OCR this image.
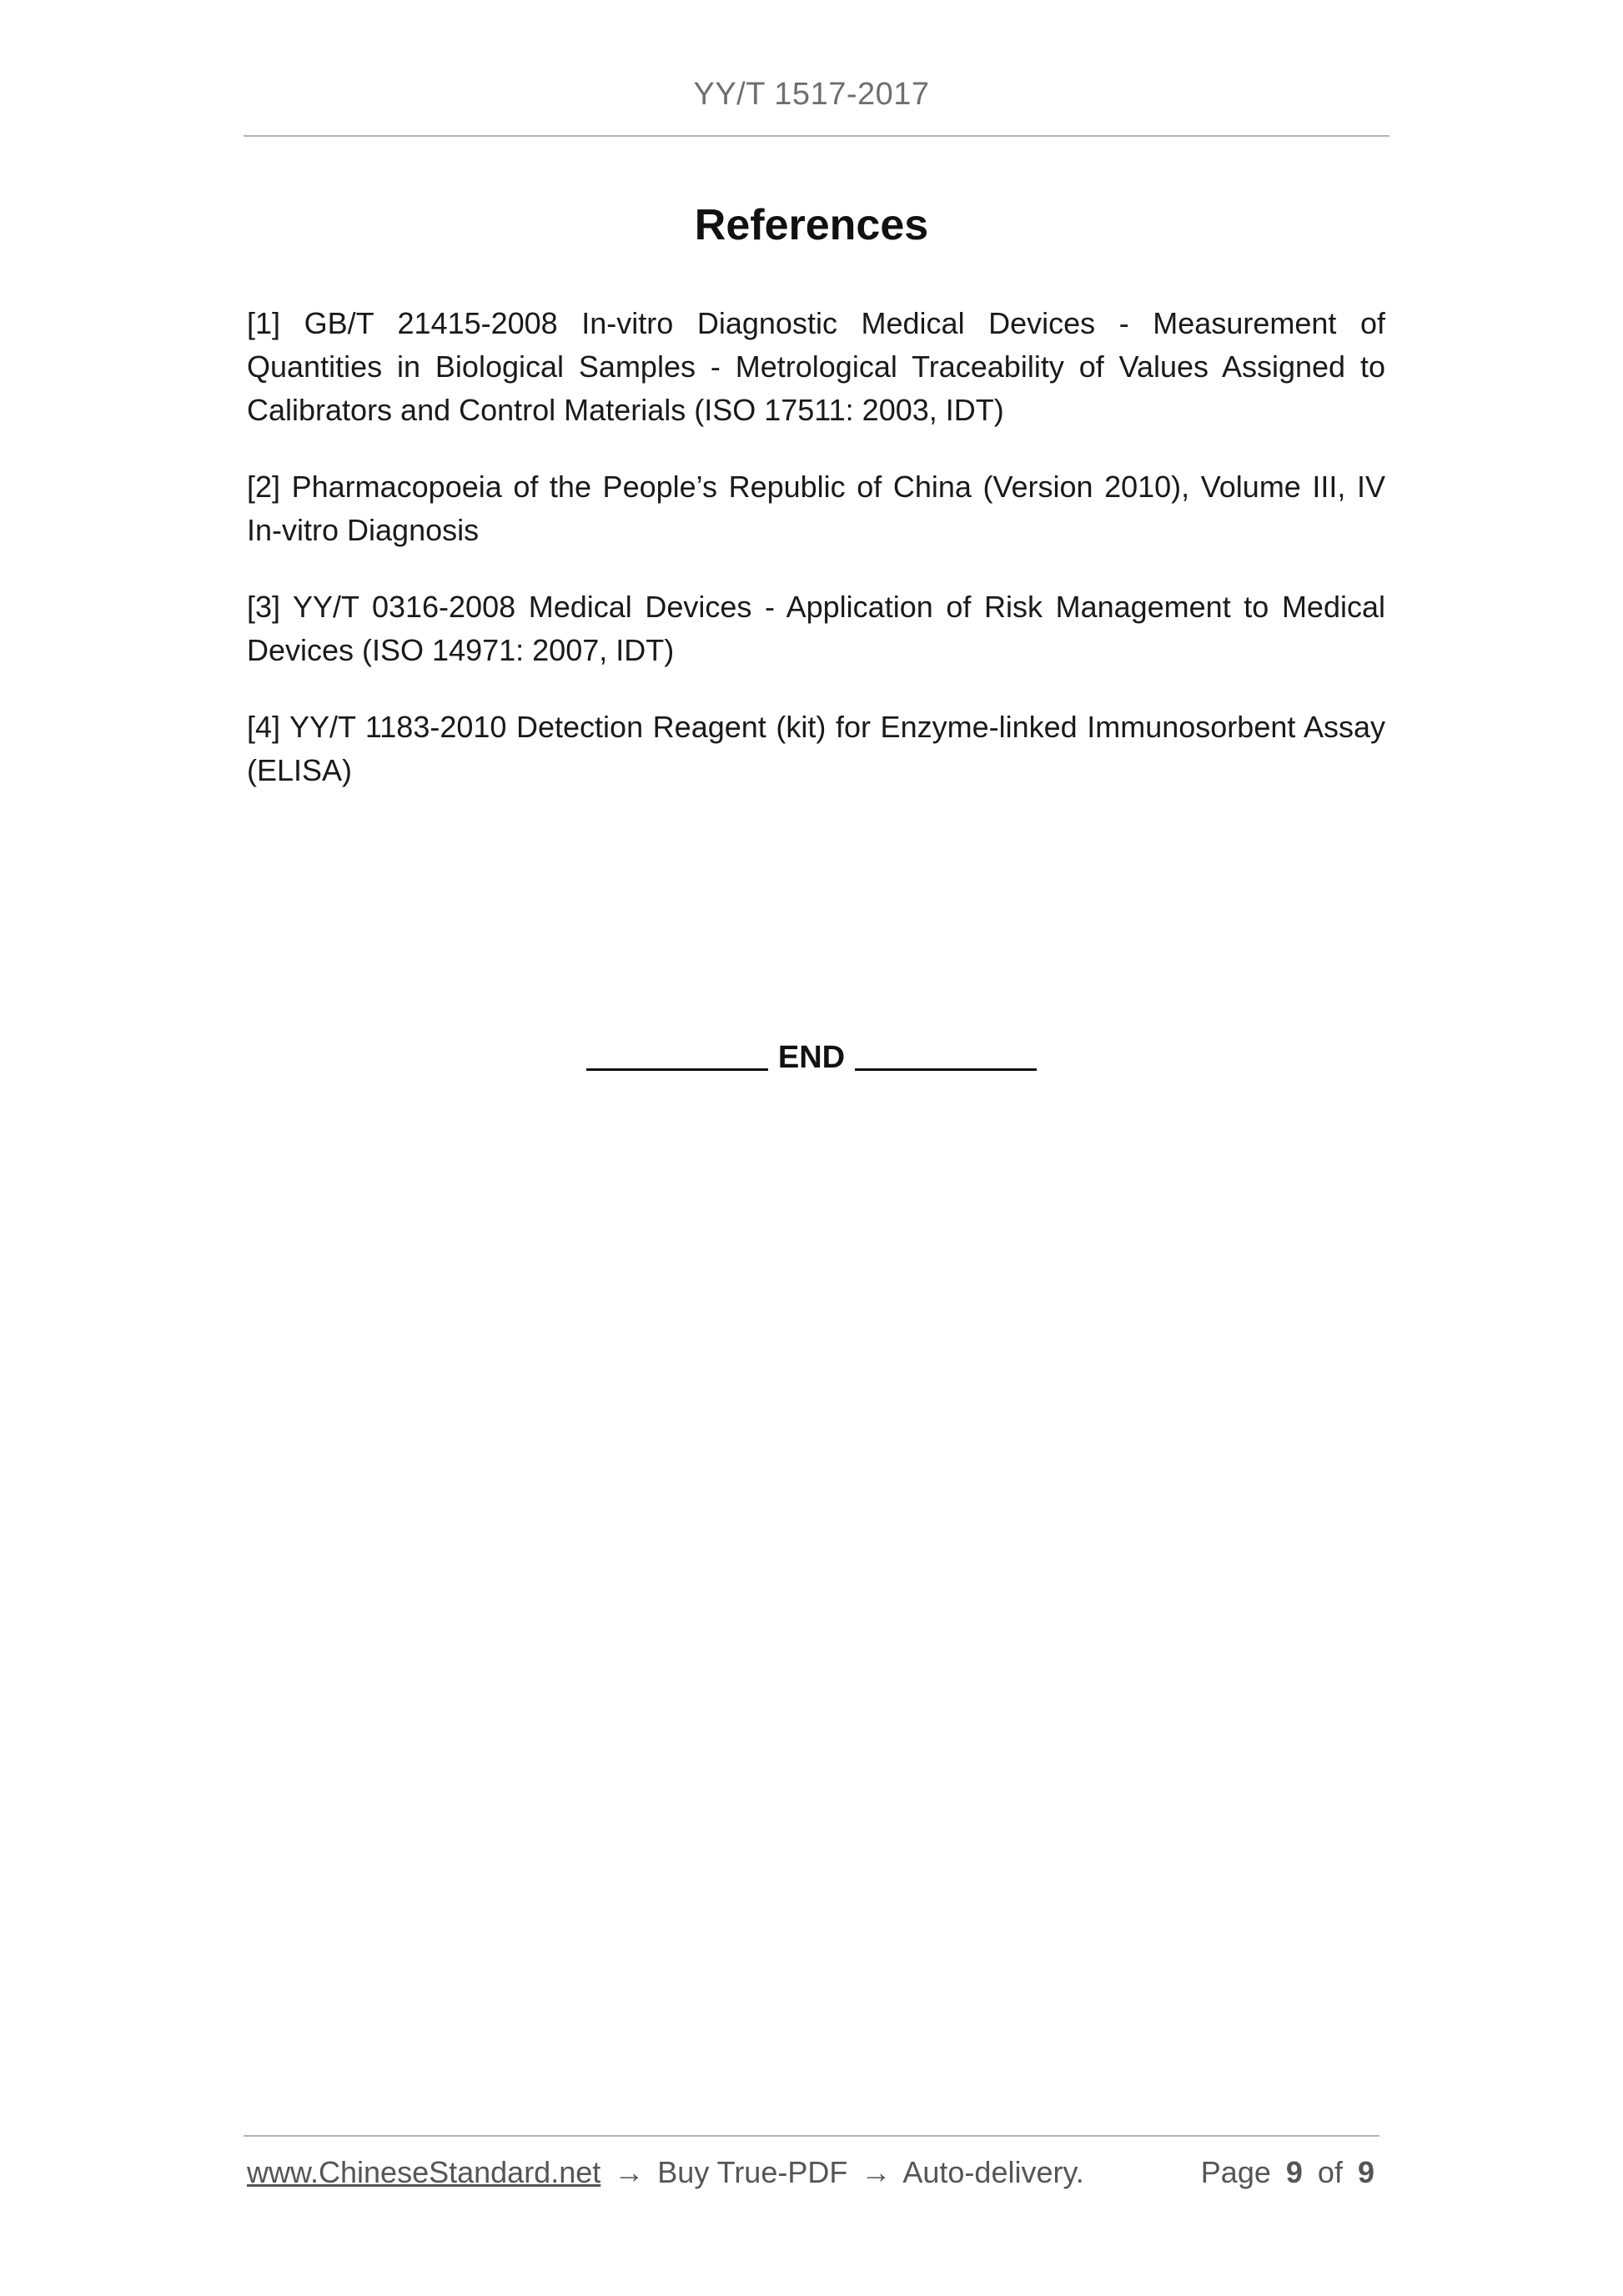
YY/T 1517-2017
References

[1] GB/T 21415-2008 In-vitro Diagnostic Medical Devices - Measurement of Quantities in Biological Samples - Metrological Traceability of Values Assigned to Calibrators and Control Materials (ISO 17511: 2003, IDT)

[2] Pharmacopoeia of the People’s Republic of China (Version 2010), Volume III, IV In-vitro Diagnosis

[3] YY/T 0316-2008 Medical Devices - Application of Risk Management to Medical Devices (ISO 14971: 2007, IDT)

[4] YY/T 1183-2010 Detection Reagent (kit) for Enzyme-linked Immunosorbent Assay (ELISA)

END
www.ChineseStandard.net → Buy True-PDF → Auto-delivery.	Page 9 of 9
